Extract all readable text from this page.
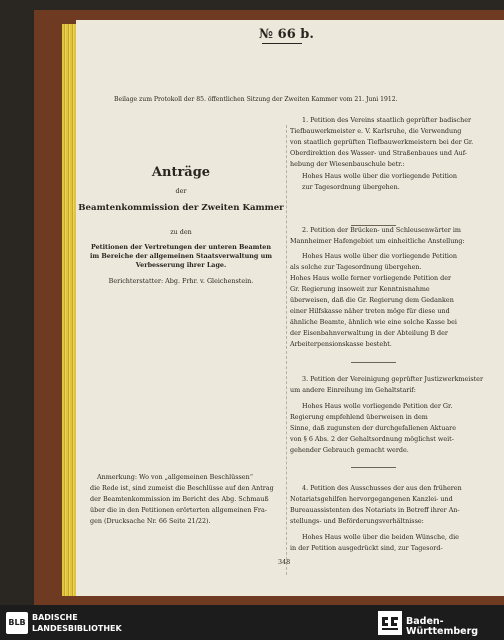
№ 66 b.
Beilage zum Protokoll der 85. öffentlichen Sitzung der Zweiten Kammer vom 21. Juni 1912.
Anträge
der
Beamtenkommission der Zweiten Kammer
zu den
Petitionen der Vertretungen der unteren Beamten
im Bereiche der allgemeinen Staatsverwaltung um
Verbesserung ihrer Lage.
Berichterstatter: Abg. Frhr. v. Gleichenstein.
Anmerkung: Wo von „allgemeinen Beschlüssen“
die Rede ist, sind zumeist die Beschlüsse auf den Antrag
der Beamtenkommission im Bericht des Abg. Schmauß
über die in den Petitionen erörterten allgemeinen Fra-
gen (Drucksache Nr. 66 Seite 21/22).
1. Petition des Vereins staatlich geprüfter badischer
Tiefbauwerkmeister e. V. Karlsruhe, die Verwendung
von staatlich geprüften Tiefbauwerkmeistern bei der Gr.
Oberdirektion des Wasser- und Straßenbaues und Auf-
hebung der Wiesenbauschule betr.:
Hohes Haus wolle über die vorliegende Petition
zur Tagesordnung übergehen.
2. Petition der Brücken- und Schleusenwärter im
Mannheimer Hafengebiet um einheitliche Anstellung:
Hohes Haus wolle über die vorliegende Petition
als solche zur Tagesordnung übergehen.
Hohes Haus wolle ferner vorliegende Petition der
Gr. Regierung insoweit zur Kenntnisnahme
überweisen, daß die Gr. Regierung dem Gedanken
einer Hilfskasse näher treten möge für diese und
ähnliche Beamte, ähnlich wie eine solche Kasse bei
der Eisenbahnverwaltung in der Abteilung B der
Arbeiterpensionskasse besteht.
3. Petition der Vereinigung geprüfter Justizwerkmeister
um andere Einreihung im Gehaltstarif:
Hohes Haus wolle vorliegende Petition der Gr.
Regierung empfehlend überweisen in dem
Sinne, daß zugunsten der durchgefallenen Aktuare
von § 6 Abs. 2 der Gehaltsordnung möglichst weit-
gehender Gebrauch gemacht werde.
4. Petition des Ausschusses der aus den früheren
Notariatsgehilfen hervorgegangenen Kanzlei- und
Bureauassistenten des Notariats in Betreff ihrer An-
stellungs- und Beförderungsverhältnisse:
Hohes Haus wolle über die beiden Wünsche, die
in der Petition ausgedrückt sind, zur Tagesord-
348
BLB
BADISCHE
LANDESBIBLIOTHEK
Baden-Württemberg
